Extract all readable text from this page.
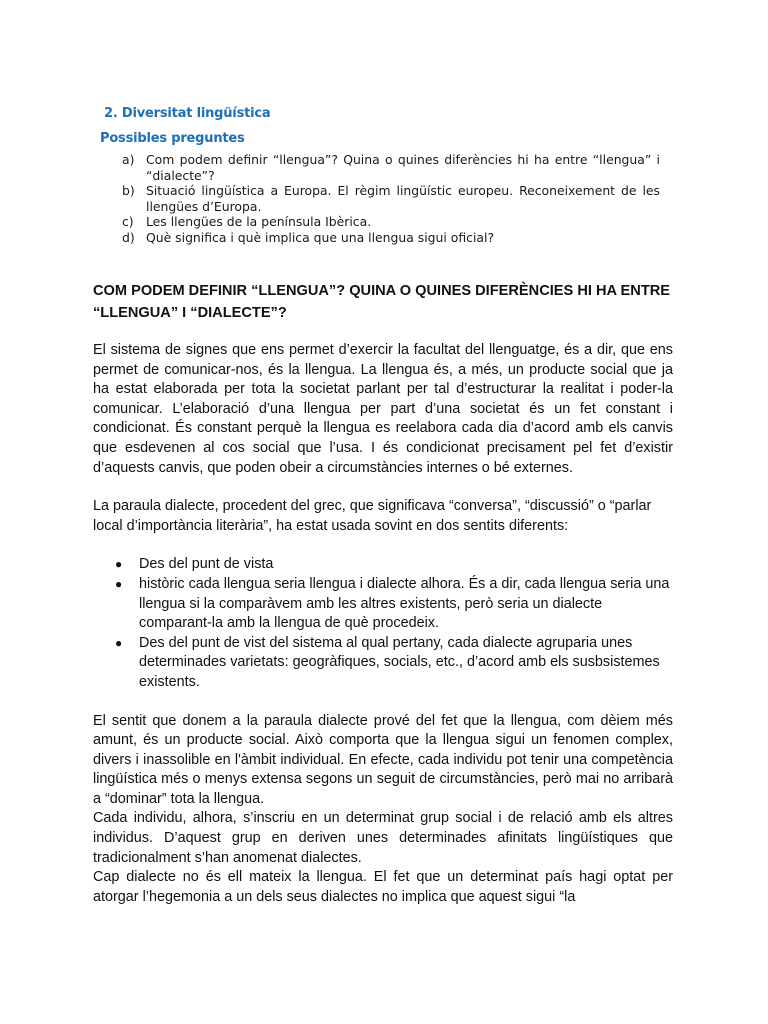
2. Diversitat lingüística
Possibles preguntes
a) Com podem definir “llengua”? Quina o quines diferències hi ha entre “llengua” i “dialecte”?
b) Situació lingüística a Europa. El règim lingüístic europeu. Reconeixement de les llengües d’Europa.
c) Les llengües de la península Ibèrica.
d) Què significa i què implica que una llengua sigui oficial?
COM PODEM DEFINIR “LLENGUA”? QUINA O QUINES DIFERÈNCIES HI HA ENTRE “LLENGUA” I “DIALECTE”?

El sistema de signes que ens permet d’exercir la facultat del llenguatge, és a dir, que ens permet de comunicar-nos, és la llengua. La llengua és, a més, un producte social que ja ha estat elaborada per tota la societat parlant per tal d’estructurar la realitat i poder-la comunicar. L’elaboració d’una llengua per part d’una societat és un fet constant i condicionat. És constant perquè la llengua es reelabora cada dia d’acord amb els canvis que esdevenen al cos social que l’usa. I és condicionat precisament pel fet d’existir d’aquests canvis, que poden obeir a circumstàncies internes o bé externes.

La paraula dialecte, procedent del grec, que significava “conversa”, “discussió” o “parlar local d’importància literària”, ha estat usada sovint en dos sentits diferents:

● Des del punt de vista
● històric cada llengua seria llengua i dialecte alhora. És a dir, cada llengua seria una llengua si la comparàvem amb les altres existents, però seria un dialecte comparant-la amb la llengua de què procedeix.
● Des del punt de vist del sistema al qual pertany, cada dialecte agruparia unes determinades varietats: geogràfiques, socials, etc., d’acord amb els susbsistemes existents.

El sentit que donem a la paraula dialecte prové del fet que la llengua, com dèiem més amunt, és un producte social. Això comporta que la llengua sigui un fenomen complex, divers i inassolible en l'àmbit individual. En efecte, cada individu pot tenir una competència lingüística més o menys extensa segons un seguit de circumstàncies, però mai no arribarà a “dominar” tota la llengua.

Cada individu, alhora, s’inscriu en un determinat grup social i de relació amb els altres individus. D’aquest grup en deriven unes determinades afinitats lingüístiques que tradicionalment s’han anomenat dialectes.

Cap dialecte no és ell mateix la llengua. El fet que un determinat país hagi optat per atorgar l’hegemonia a un dels seus dialectes no implica que aquest sigui “la
